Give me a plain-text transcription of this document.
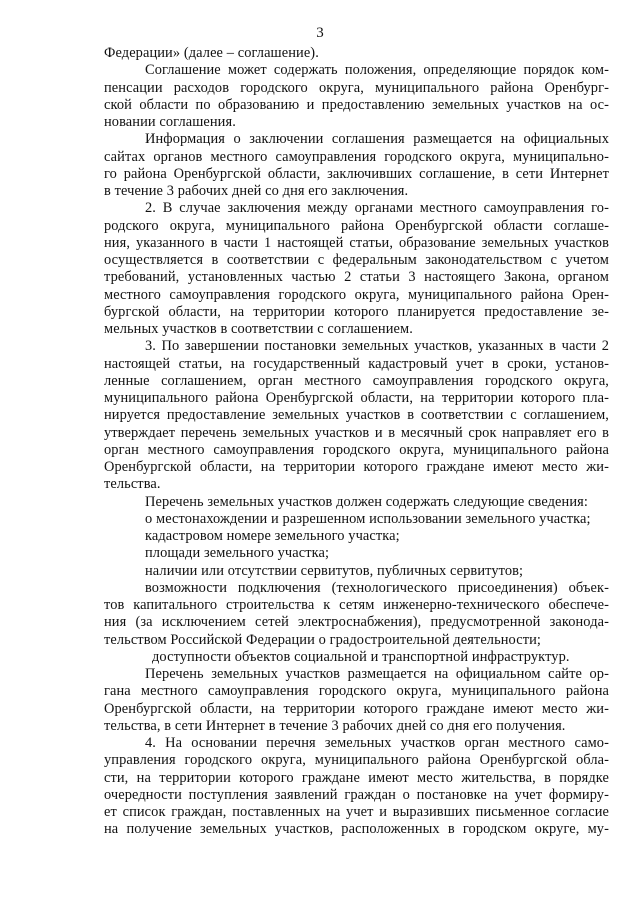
3
Федерации» (далее – соглашение).
Соглашение может содержать положения, определяющие порядок ком-
пенсации расходов городского округа, муниципального района Оренбург-
ской области по образованию и предоставлению земельных участков на ос-
новании соглашения.
Информация о заключении соглашения размещается на официальных
сайтах органов местного самоуправления городского округа, муниципально-
го района Оренбургской области, заключивших соглашение, в сети Интернет
в течение 3 рабочих дней со дня его заключения.
2. В случае заключения между органами местного самоуправления го-
родского округа, муниципального района Оренбургской области соглаше-
ния, указанного в части 1 настоящей статьи, образование земельных участков
осуществляется в соответствии с федеральным законодательством с учетом
требований, установленных частью 2 статьи 3 настоящего Закона, органом
местного самоуправления городского округа, муниципального района Орен-
бургской области, на территории которого планируется предоставление зе-
мельных участков в соответствии с соглашением.
3. По завершении постановки земельных участков, указанных в части 2
настоящей статьи, на государственный кадастровый учет в сроки, установ-
ленные соглашением, орган местного самоуправления городского округа,
муниципального района Оренбургской области, на территории которого пла-
нируется предоставление земельных участков в соответствии с соглашением,
утверждает перечень земельных участков и в месячный срок направляет его в
орган местного самоуправления городского округа, муниципального района
Оренбургской области, на территории которого граждане имеют место жи-
тельства.
Перечень земельных участков должен содержать следующие сведения:
о местонахождении и разрешенном использовании земельного участка;
кадастровом номере земельного участка;
площади земельного участка;
наличии или отсутствии сервитутов, публичных сервитутов;
возможности подключения (технологического присоединения) объек-
тов капитального строительства к сетям инженерно-технического обеспече-
ния (за исключением сетей электроснабжения), предусмотренной законода-
тельством Российской Федерации о градостроительной деятельности;
доступности объектов социальной и транспортной инфраструктур.
Перечень земельных участков размещается на официальном сайте ор-
гана местного самоуправления городского округа, муниципального района
Оренбургской области, на территории которого граждане имеют место жи-
тельства, в сети Интернет в течение 3 рабочих дней со дня его получения.
4. На основании перечня земельных участков орган местного само-
управления городского округа, муниципального района Оренбургской обла-
сти, на территории которого граждане имеют место жительства, в порядке
очередности поступления заявлений граждан о постановке на учет формиру-
ет список граждан, поставленных на учет и выразивших письменное согласие
на получение земельных участков, расположенных в городском округе, му-
